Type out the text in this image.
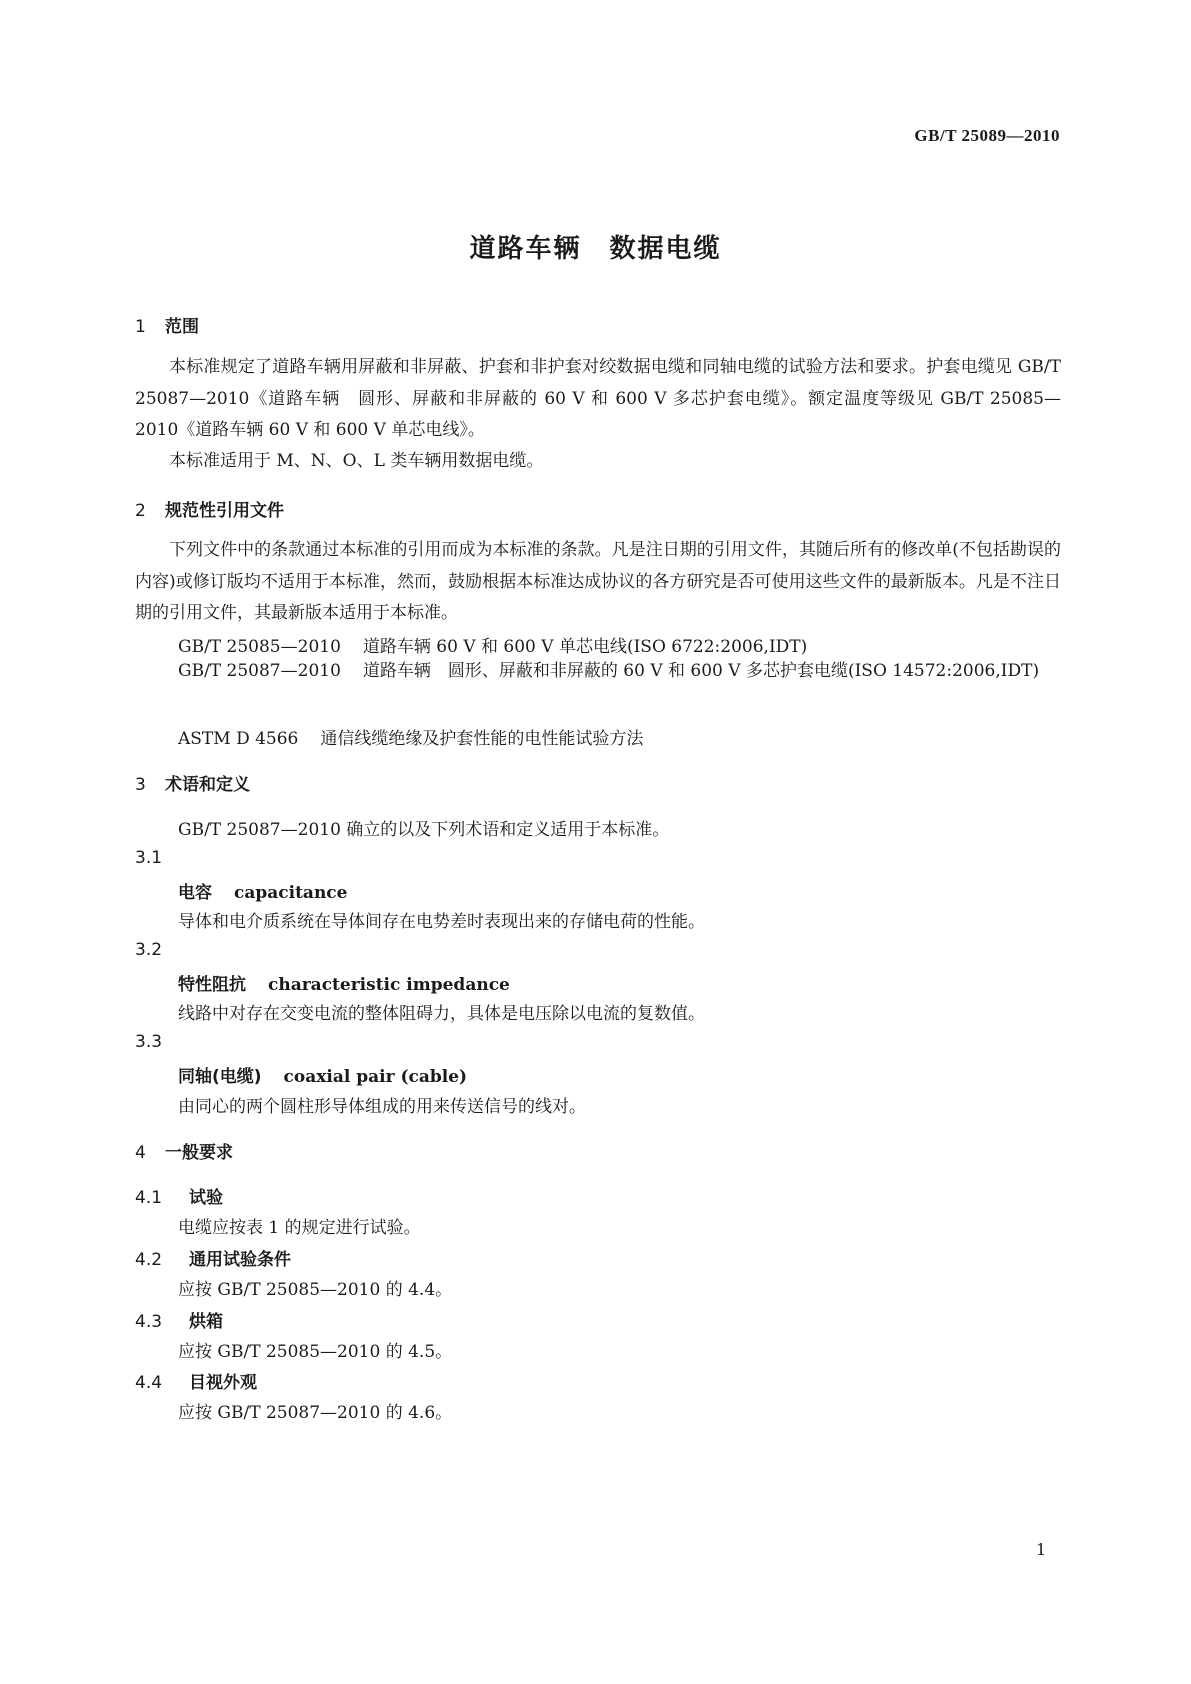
GB/T 25089—2010
道路车辆　数据电缆
1 范围
本标准规定了道路车辆用屏蔽和非屏蔽、护套和非护套对绞数据电缆和同轴电缆的试验方法和要求。护套电缆见 GB/T 25087—2010《道路车辆　圆形、屏蔽和非屏蔽的 60 V 和 600 V 多芯护套电缆》。额定温度等级见 GB/T 25085—2010《道路车辆 60 V 和 600 V 单芯电线》。
本标准适用于 M、N、O、L 类车辆用数据电缆。
2 规范性引用文件
下列文件中的条款通过本标准的引用而成为本标准的条款。凡是注日期的引用文件，其随后所有的修改单(不包括勘误的内容)或修订版均不适用于本标准，然而，鼓励根据本标准达成协议的各方研究是否可使用这些文件的最新版本。凡是不注日期的引用文件，其最新版本适用于本标准。
GB/T 25085—2010 道路车辆 60 V 和 600 V 单芯电线(ISO 6722:2006,IDT)
GB/T 25087—2010 道路车辆　圆形、屏蔽和非屏蔽的 60 V 和 600 V 多芯护套电缆(ISO 14572:2006,IDT)
ASTM D 4566 通信线缆绝缘及护套性能的电性能试验方法
3 术语和定义
GB/T 25087—2010 确立的以及下列术语和定义适用于本标准。
3.1
电容 capacitance
导体和电介质系统在导体间存在电势差时表现出来的存储电荷的性能。
3.2
特性阻抗 characteristic impedance
线路中对存在交变电流的整体阻碍力，具体是电压除以电流的复数值。
3.3
同轴(电缆) coaxial pair (cable)
由同心的两个圆柱形导体组成的用来传送信号的线对。
4 一般要求
4.1 试验
电缆应按表 1 的规定进行试验。
4.2 通用试验条件
应按 GB/T 25085—2010 的 4.4。
4.3 烘箱
应按 GB/T 25085—2010 的 4.5。
4.4 目视外观
应按 GB/T 25087—2010 的 4.6。
1
